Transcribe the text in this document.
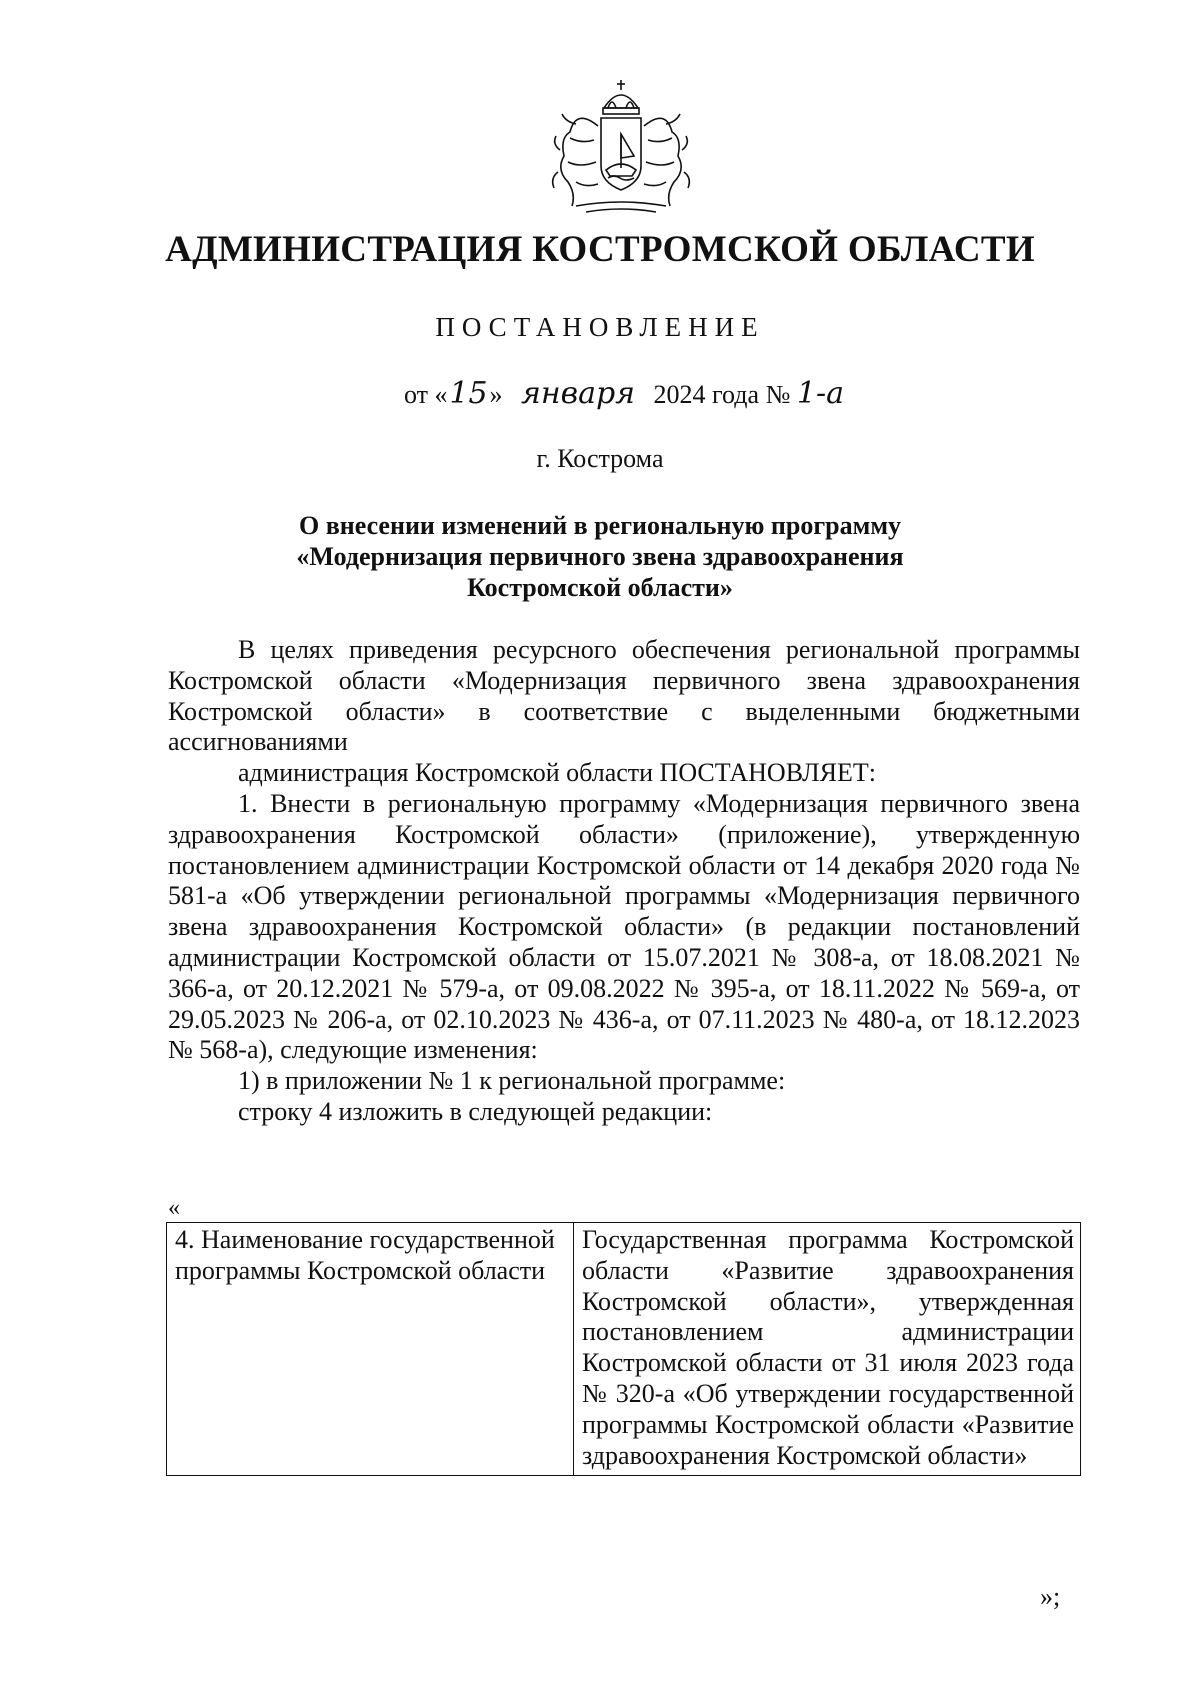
АДМИНИСТРАЦИЯ КОСТРОМСКОЙ ОБЛАСТИ
ПОСТАНОВЛЕНИЕ
от «15» января 2024 года № 1-а
г. Кострома
О внесении изменений в региональную программу
«Модернизация первичного звена здравоохранения
Костромской области»

В целях приведения ресурсного обеспечения региональной программы Костромской области «Модернизация первичного звена здравоохранения Костромской области» в соответствие с выделенными бюджетными ассигнованиями

администрация Костромской области ПОСТАНОВЛЯЕТ:

1. Внести в региональную программу «Модернизация первичного звена здравоохранения Костромской области» (приложение), утвержденную постановлением администрации Костромской области от 14 декабря 2020 года № 581-а «Об утверждении региональной программы «Модернизация первичного звена здравоохранения Костромской области» (в редакции постановлений администрации Костромской области от 15.07.2021 № 308-а, от 18.08.2021 № 366-а, от 20.12.2021 № 579-а, от 09.08.2022 № 395-а, от 18.11.2022 № 569-а, от 29.05.2023 № 206-а, от 02.10.2023 № 436-а, от 07.11.2023 № 480-а, от 18.12.2023 № 568-а), следующие изменения:

1) в приложении № 1 к региональной программе:

строку 4 изложить в следующей редакции:

«
4. Наименование государственной программы Костромской области	Государственная программа Костромской области «Развитие здравоохранения Костромской области», утвержденная постановлением администрации Костромской области от 31 июля 2023 года № 320-а «Об утверждении государственной программы Костромской области «Развитие здравоохранения Костромской области»
»;
